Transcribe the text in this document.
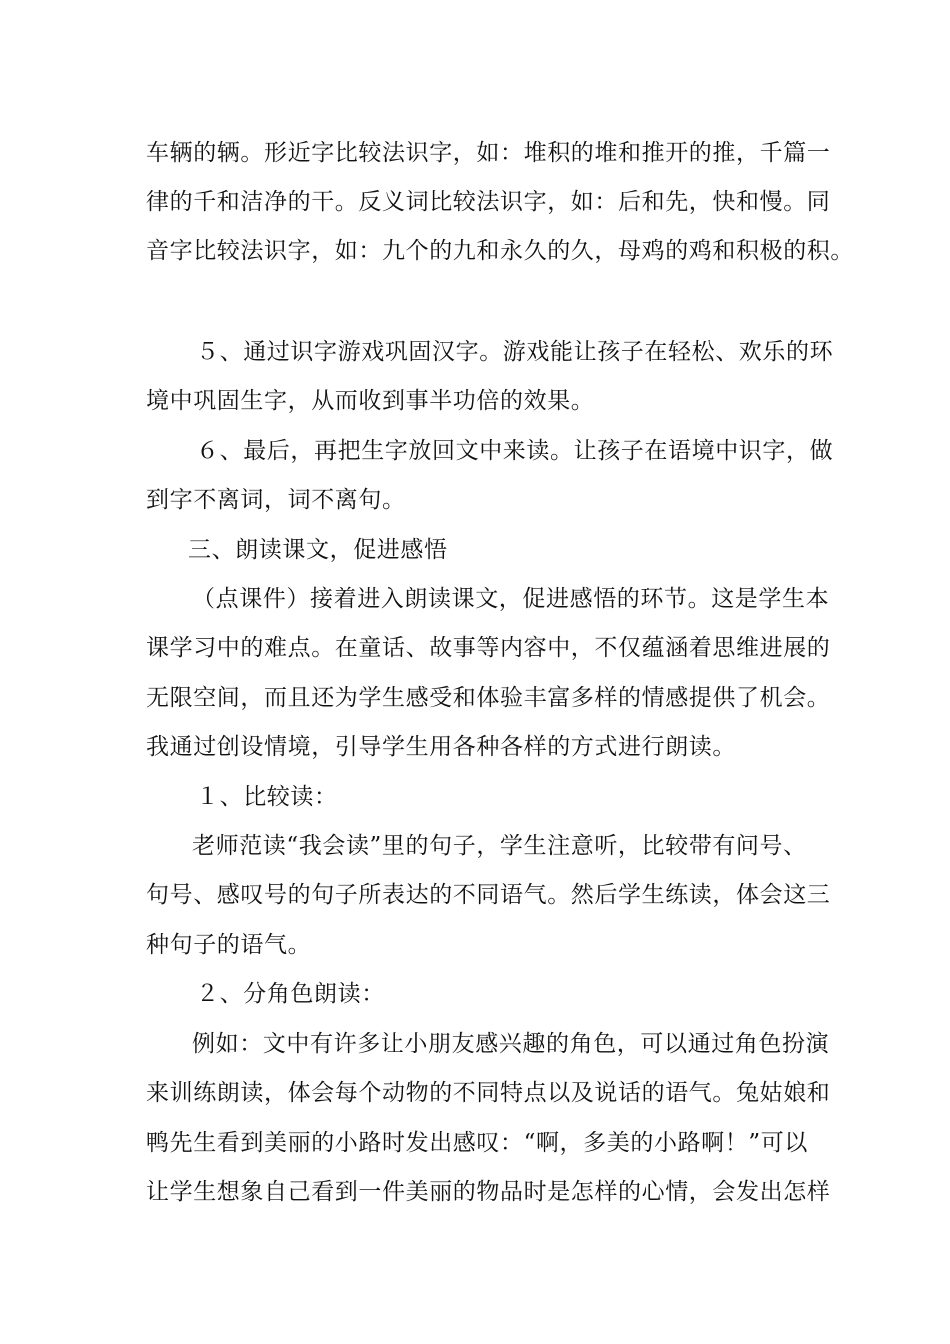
车辆的辆。形近字比较法识字，如：堆积的堆和推开的推，千篇一
律的千和洁净的干。反义词比较法识字，如：后和先，快和慢。同
音字比较法识字，如：九个的九和永久的久，母鸡的鸡和积极的积。
５、通过识字游戏巩固汉字。游戏能让孩子在轻松、欢乐的环
境中巩固生字，从而收到事半功倍的效果。
６、最后，再把生字放回文中来读。让孩子在语境中识字，做
到字不离词，词不离句。
三、朗读课文，促进感悟
（点课件）接着进入朗读课文，促进感悟的环节。这是学生本
课学习中的难点。在童话、故事等内容中，不仅蕴涵着思维进展的
无限空间，而且还为学生感受和体验丰富多样的情感提供了机会。
我通过创设情境，引导学生用各种各样的方式进行朗读。
１、比较读：
老师范读“我会读”里的句子，学生注意听，比较带有问号、
句号、感叹号的句子所表达的不同语气。然后学生练读，体会这三
种句子的语气。
２、分角色朗读：
例如：文中有许多让小朋友感兴趣的角色，可以通过角色扮演
来训练朗读，体会每个动物的不同特点以及说话的语气。兔姑娘和
鸭先生看到美丽的小路时发出感叹：“啊，多美的小路啊！”可以
让学生想象自己看到一件美丽的物品时是怎样的心情，会发出怎样
